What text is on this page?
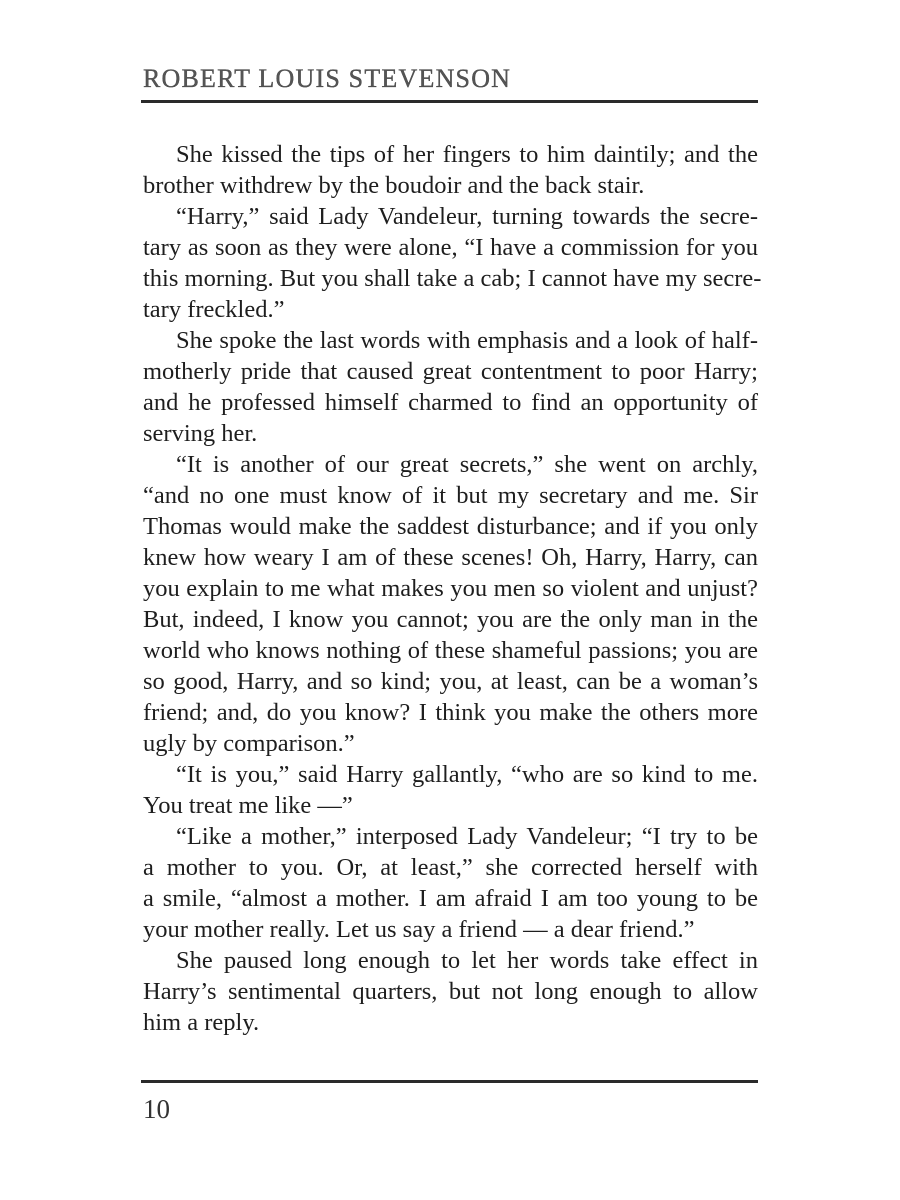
ROBERT LOUIS STEVENSON
She kissed the tips of her fingers to him daintily; and the
brother withdrew by the boudoir and the back stair.
“Harry,” said Lady Vandeleur, turning towards the secre-
tary as soon as they were alone, “I have a commission for you
this morning. But you shall take a cab; I cannot have my secre-
tary freckled.”
She spoke the last words with emphasis and a look of half-
motherly pride that caused great contentment to poor Harry;
and he professed himself charmed to find an opportunity of
serving her.
“It is another of our great secrets,” she went on archly,
“and no one must know of it but my secretary and me. Sir
Thomas would make the saddest disturbance; and if you only
knew how weary I am of these scenes! Oh, Harry, Harry, can
you explain to me what makes you men so violent and unjust?
But, indeed, I know you cannot; you are the only man in the
world who knows nothing of these shameful passions; you are
so good, Harry, and so kind; you, at least, can be a woman’s
friend; and, do you know? I think you make the others more
ugly by comparison.”
“It is you,” said Harry gallantly, “who are so kind to me.
You treat me like —”
“Like a mother,” interposed Lady Vandeleur; “I try to be
a mother to you. Or, at least,” she corrected herself with
a smile, “almost a mother. I am afraid I am too young to be
your mother really. Let us say a friend — a dear friend.”
She paused long enough to let her words take effect in
Harry’s sentimental quarters, but not long enough to allow
him a reply.
10
